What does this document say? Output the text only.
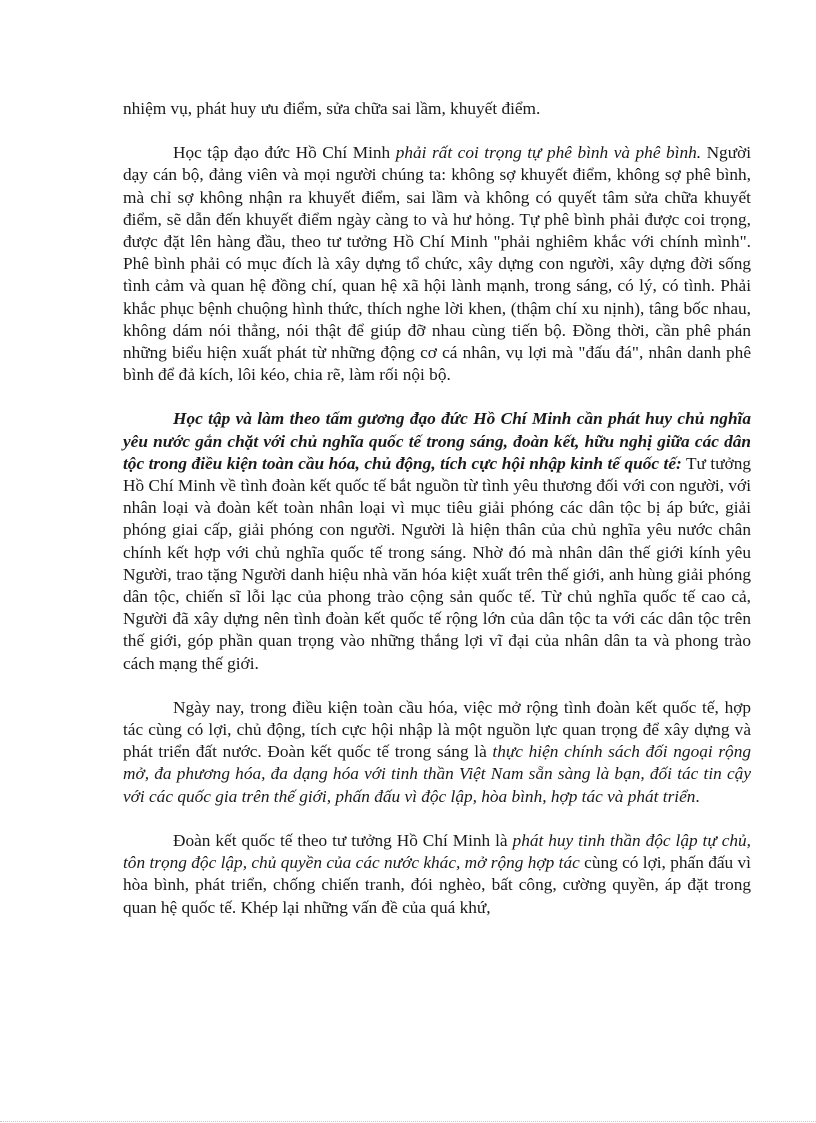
nhiệm vụ, phát huy ưu điểm, sửa chữa sai lầm, khuyết điểm.

Học tập đạo đức Hồ Chí Minh phải rất coi trọng tự phê bình và phê bình. Người dạy cán bộ, đảng viên và mọi người chúng ta: không sợ khuyết điểm, không sợ phê bình, mà chỉ sợ không nhận ra khuyết điểm, sai lầm và không có quyết tâm sửa chữa khuyết điểm, sẽ dẫn đến khuyết điểm ngày càng to và hư hỏng. Tự phê bình phải được coi trọng, được đặt lên hàng đầu, theo tư tưởng Hồ Chí Minh "phải nghiêm khắc với chính mình". Phê bình phải có mục đích là xây dựng tổ chức, xây dựng con người, xây dựng đời sống tình cảm và quan hệ đồng chí, quan hệ xã hội lành mạnh, trong sáng, có lý, có tình. Phải khắc phục bệnh chuộng hình thức, thích nghe lời khen, (thậm chí xu nịnh), tâng bốc nhau, không dám nói thẳng, nói thật để giúp đỡ nhau cùng tiến bộ. Đồng thời, cần phê phán những biểu hiện xuất phát từ những động cơ cá nhân, vụ lợi mà "đấu đá", nhân danh phê bình để đả kích, lôi kéo, chia rẽ, làm rối nội bộ.

Học tập và làm theo tấm gương đạo đức Hồ Chí Minh cần phát huy chủ nghĩa yêu nước gắn chặt với chủ nghĩa quốc tế trong sáng, đoàn kết, hữu nghị giữa các dân tộc trong điều kiện toàn cầu hóa, chủ động, tích cực hội nhập kinh tế quốc tế: Tư tưởng Hồ Chí Minh về tình đoàn kết quốc tế bắt nguồn từ tình yêu thương đối với con người, với nhân loại và đoàn kết toàn nhân loại vì mục tiêu giải phóng các dân tộc bị áp bức, giải phóng giai cấp, giải phóng con người. Người là hiện thân của chủ nghĩa yêu nước chân chính kết hợp với chủ nghĩa quốc tế trong sáng. Nhờ đó mà nhân dân thế giới kính yêu Người, trao tặng Người danh hiệu nhà văn hóa kiệt xuất trên thế giới, anh hùng giải phóng dân tộc, chiến sĩ lỗi lạc của phong trào cộng sản quốc tế. Từ chủ nghĩa quốc tế cao cả, Người đã xây dựng nên tình đoàn kết quốc tế rộng lớn của dân tộc ta với các dân tộc trên thế giới, góp phần quan trọng vào những thắng lợi vĩ đại của nhân dân ta và phong trào cách mạng thế giới.

Ngày nay, trong điều kiện toàn cầu hóa, việc mở rộng tình đoàn kết quốc tế, hợp tác cùng có lợi, chủ động, tích cực hội nhập là một nguồn lực quan trọng để xây dựng và phát triển đất nước. Đoàn kết quốc tế trong sáng là thực hiện chính sách đối ngoại rộng mở, đa phương hóa, đa dạng hóa với tinh thần Việt Nam sẵn sàng là bạn, đối tác tin cậy với các quốc gia trên thế giới, phấn đấu vì độc lập, hòa bình, hợp tác và phát triển.

Đoàn kết quốc tế theo tư tưởng Hồ Chí Minh là phát huy tinh thần độc lập tự chủ, tôn trọng độc lập, chủ quyền của các nước khác, mở rộng hợp tác cùng có lợi, phấn đấu vì hòa bình, phát triển, chống chiến tranh, đói nghèo, bất công, cường quyền, áp đặt trong quan hệ quốc tế. Khép lại những vấn đề của quá khứ,
